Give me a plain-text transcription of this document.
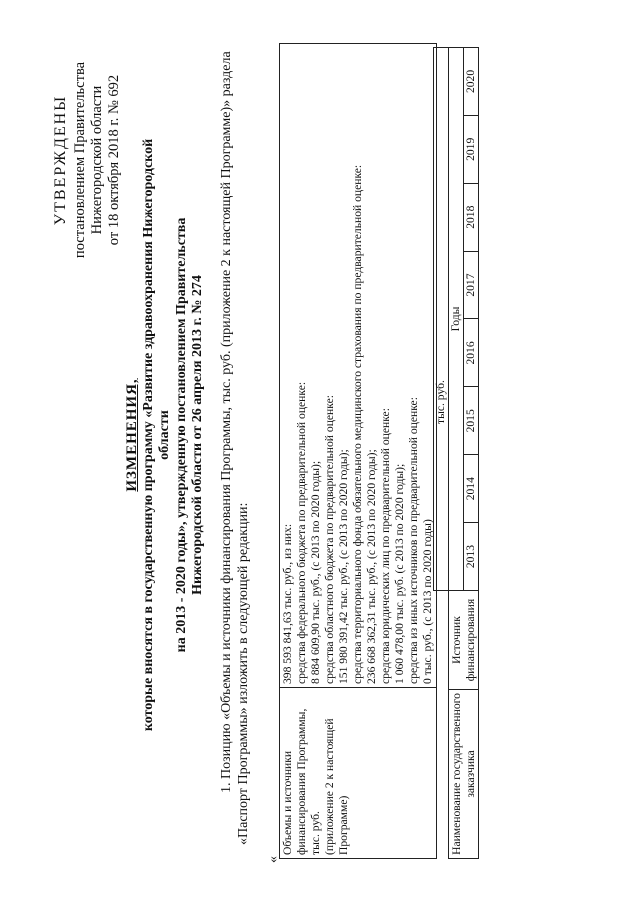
УТВЕРЖДЕНЫ постановлением Правительства Нижегородской области от 18 октября 2018 г. № 692
ИЗМЕНЕНИЯ, которые вносятся в государственную программу «Развитие здравоохранения Нижегородской области на 2013 - 2020 годы», утвержденную постановлением Правительства Нижегородской области от 26 апреля 2013 г. № 274 1. Позицию «Объемы и источники финансирования Программы, тыс. руб. (приложение 2 к настоящей Программе)» раздела «Паспорт Программы» изложить в следующей редакции:
«
Объемы и источники финансирования Программы, тыс. руб. (приложение 2 к настоящей Программе)

398 593 841,63 тыс. руб., из них: средства федерального бюджета по предварительной оценке: 8 884 609,90 тыс. руб., (с 2013 по 2020 годы); средства областного бюджета по предварительной оценке: 151 980 391,42 тыс. руб., (с 2013 по 2020 годы); средства территориального фонда обязательного медицинского страхования по предварительной оценке: 236 668 362,31 тыс. руб., (с 2013 по 2020 годы); средства юридических лиц по предварительной оценке: 1 060 478,00 тыс. руб. (с 2013 по 2020 годы); средства из иных источников по предварительной оценке: 0 тыс. руб., (с 2013 по 2020 годы)
		тыс. руб.								
Наименование государственного заказчика	Источник финансирования	Годы								
		2013	2014	2015	2016	2017	2018	2019	2020	
